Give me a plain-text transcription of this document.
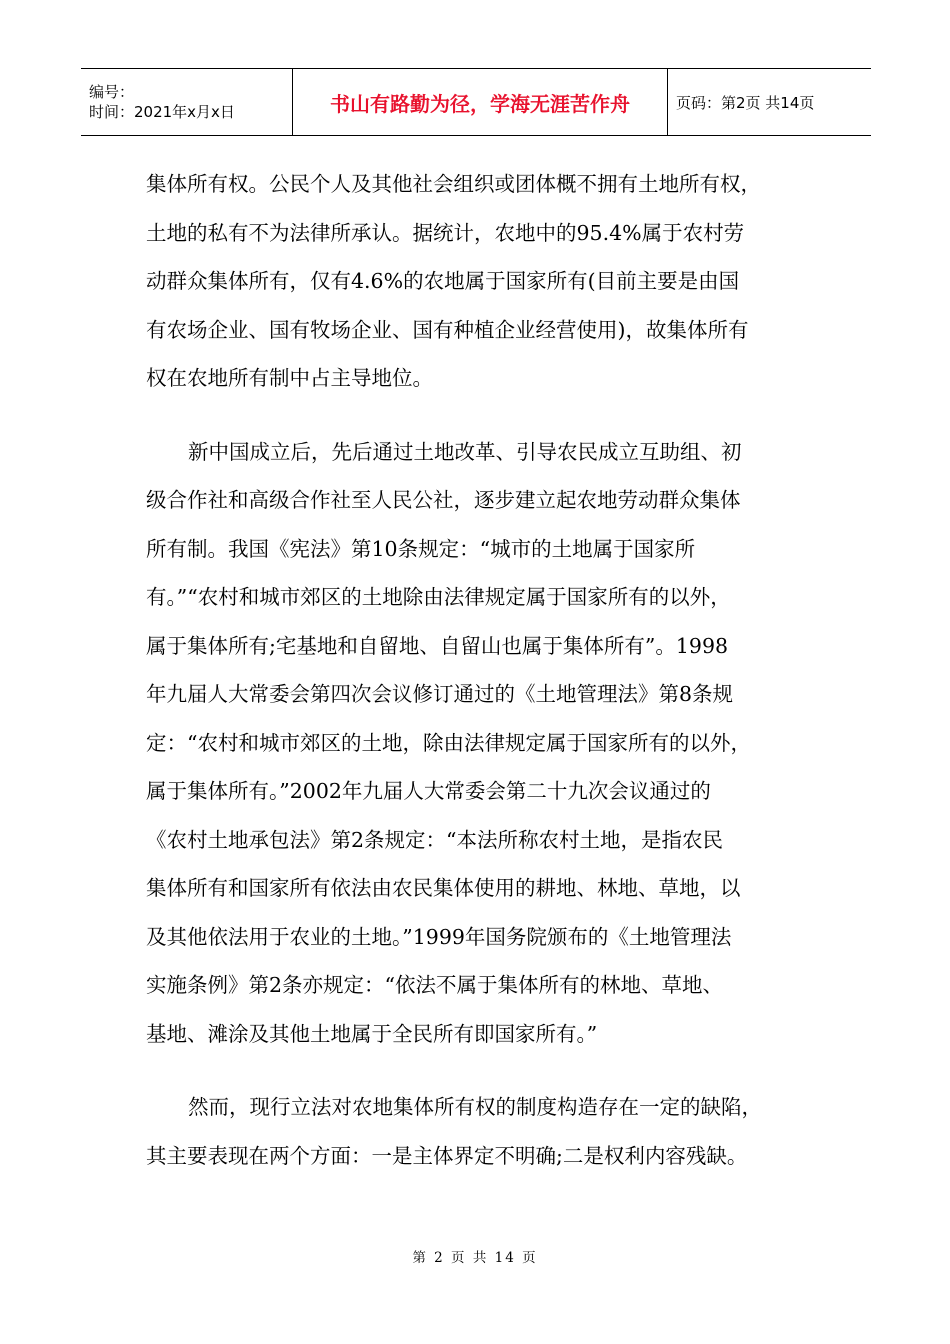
编号：
时间：2021年x月x日	书山有路勤为径，学海无涯苦作舟	页码：第2页 共14页
集体所有权。公民个人及其他社会组织或团体概不拥有土地所有权，
土地的私有不为法律所承认。据统计，农地中的95.4%属于农村劳
动群众集体所有，仅有4.6%的农地属于国家所有(目前主要是由国
有农场企业、国有牧场企业、国有种植企业经营使用)，故集体所有
权在农地所有制中占主导地位。
新中国成立后，先后通过土地改革、引导农民成立互助组、初
级合作社和高级合作社至人民公社，逐步建立起农地劳动群众集体
所有制。我国《宪法》第10条规定：“城市的土地属于国家所
有。”“农村和城市郊区的土地除由法律规定属于国家所有的以外，
属于集体所有;宅基地和自留地、自留山也属于集体所有”。1998
年九届人大常委会第四次会议修订通过的《土地管理法》第8条规
定：“农村和城市郊区的土地，除由法律规定属于国家所有的以外，
属于集体所有。”2002年九届人大常委会第二十九次会议通过的
《农村土地承包法》第2条规定：“本法所称农村土地，是指农民
集体所有和国家所有依法由农民集体使用的耕地、林地、草地，以
及其他依法用于农业的土地。”1999年国务院颁布的《土地管理法
实施条例》第2条亦规定：“依法不属于集体所有的林地、草地、
基地、滩涂及其他土地属于全民所有即国家所有。”
然而，现行立法对农地集体所有权的制度构造存在一定的缺陷，
其主要表现在两个方面：一是主体界定不明确;二是权利内容残缺。
第 2 页 共 14 页
